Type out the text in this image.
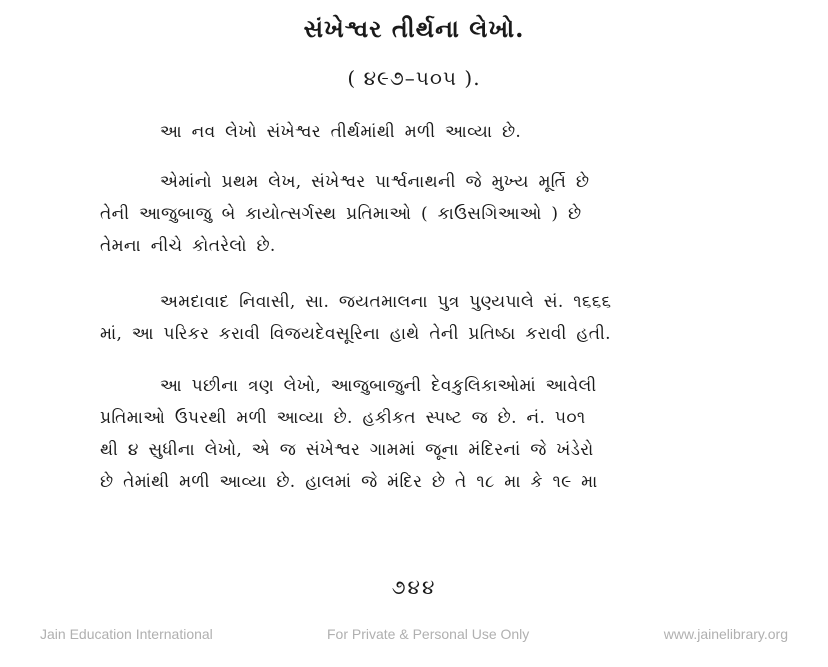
સંખેશ્વર તીર્થના લેખો.
( ૪૯૭–૫૦૫ ).
આ નવ લેખો સંખેશ્વર તીર્થમાંથી મળી આવ્યા છે.
એમાંનો પ્રથમ લેખ, સંખેશ્વર પાર્શ્વનાથની જે મુખ્ય મૂર્તિ છે
તેની આજુબાજુ બે કાયોત્સર્ગસ્થ પ્રતિમાઓ ( કાઉસગિઆઓ ) છે
તેમના નીચે કોતરેલો છે.
અમદાવાદ નિવાસી, સા. જયતમાલના પુત્ર પુણ્યપાલે સં. ૧૬૬૬
માં, આ પરિકર કરાવી વિજયદેવસૂરિના હાથે તેની પ્રતિષ્ઠા કરાવી હતી.
આ પછીના ત્રણ લેખો, આજુબાજુની દેવકુલિકાઓમાં આવેલી
પ્રતિમાઓ ઉપરથી મળી આવ્યા છે. હકીકત સ્પષ્ટ જ છે. નં. ૫૦૧
થી ૪ સુધીના લેખો, એ જ સંખેશ્વર ગામમાં જૂના મંદિરનાં જે ખંડેરો
છે તેમાંથી મળી આવ્યા છે. હાલમાં જે મંદિર છે તે ૧૮ મા કે ૧૯ મા
૭૪૪
Jain Education International	For Private & Personal Use Only	www.jainelibrary.org
